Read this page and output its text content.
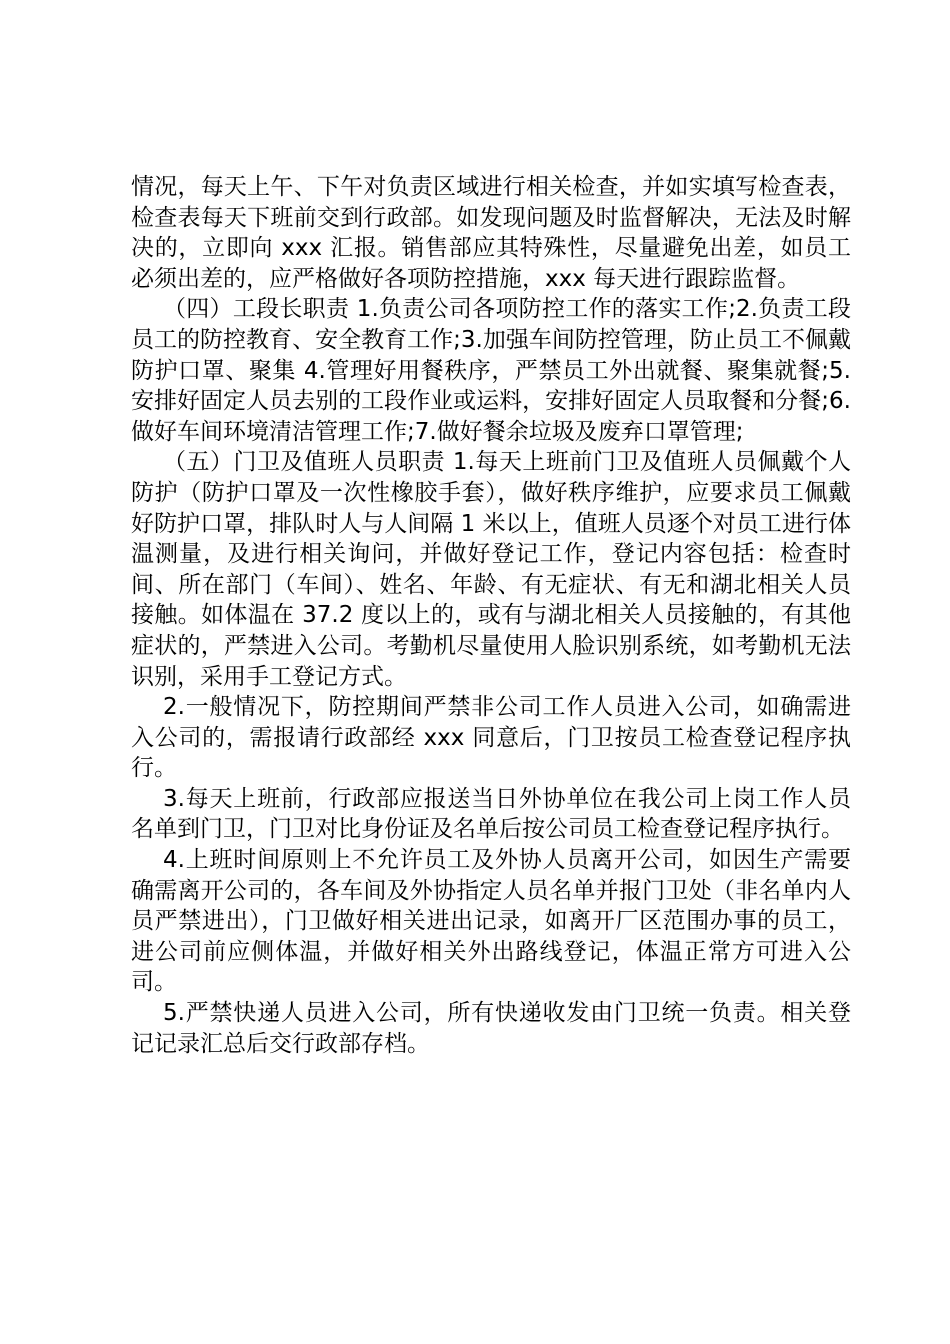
情况，每天上午、下午对负责区域进行相关检查，并如实填写检查表，检查表每天下班前交到行政部。如发现问题及时监督解决，无法及时解决的，立即向 xxx 汇报。销售部应其特殊性，尽量避免出差，如员工必须出差的，应严格做好各项防控措施，xxx 每天进行跟踪监督。

（四）工段长职责 1.负责公司各项防控工作的落实工作;2.负责工段员工的防控教育、安全教育工作;3.加强车间防控管理，防止员工不佩戴防护口罩、聚集 4.管理好用餐秩序，严禁员工外出就餐、聚集就餐;5.安排好固定人员去别的工段作业或运料，安排好固定人员取餐和分餐;6.做好车间环境清洁管理工作;7.做好餐余垃圾及废弃口罩管理;

（五）门卫及值班人员职责 1.每天上班前门卫及值班人员佩戴个人防护（防护口罩及一次性橡胶手套），做好秩序维护，应要求员工佩戴好防护口罩，排队时人与人间隔 1 米以上，值班人员逐个对员工进行体温测量，及进行相关询问，并做好登记工作，登记内容包括：检查时间、所在部门（车间）、姓名、年龄、有无症状、有无和湖北相关人员接触。如体温在 37.2 度以上的，或有与湖北相关人员接触的，有其他症状的，严禁进入公司。考勤机尽量使用人脸识别系统，如考勤机无法识别，采用手工登记方式。

2.一般情况下，防控期间严禁非公司工作人员进入公司，如确需进入公司的，需报请行政部经 xxx 同意后，门卫按员工检查登记程序执行。

3.每天上班前，行政部应报送当日外协单位在我公司上岗工作人员名单到门卫，门卫对比身份证及名单后按公司员工检查登记程序执行。

4.上班时间原则上不允许员工及外协人员离开公司，如因生产需要确需离开公司的，各车间及外协指定人员名单并报门卫处（非名单内人员严禁进出），门卫做好相关进出记录，如离开厂区范围办事的员工，进公司前应侧体温，并做好相关外出路线登记，体温正常方可进入公司。

5.严禁快递人员进入公司，所有快递收发由门卫统一负责。相关登记记录汇总后交行政部存档。
